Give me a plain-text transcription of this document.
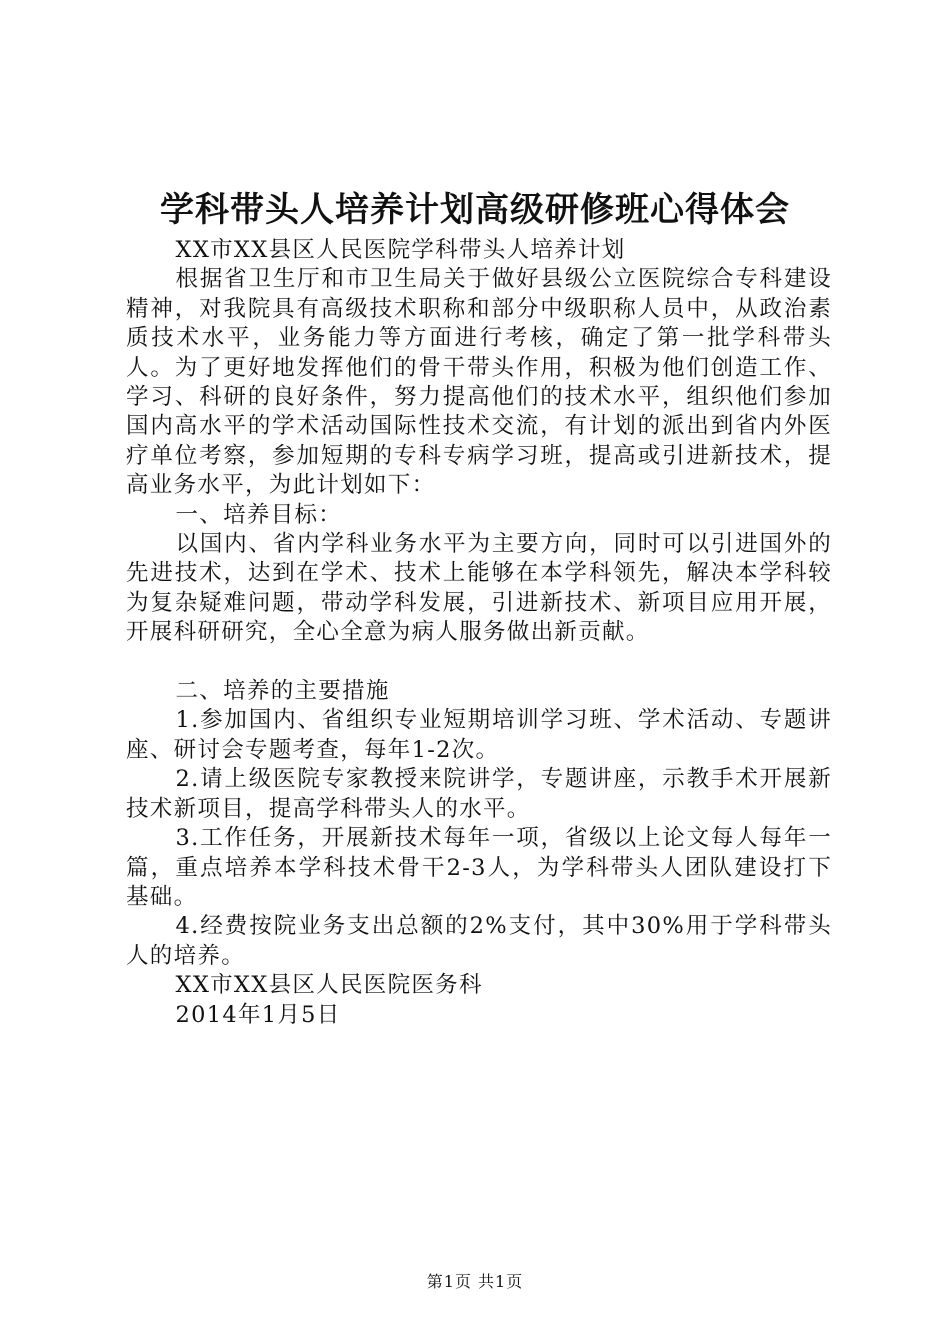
学科带头人培养计划高级研修班心得体会

XX市XX县区人民医院学科带头人培养计划

根据省卫生厅和市卫生局关于做好县级公立医院综合专科建设精神，对我院具有高级技术职称和部分中级职称人员中，从政治素质技术水平，业务能力等方面进行考核，确定了第一批学科带头人。为了更好地发挥他们的骨干带头作用，积极为他们创造工作、学习、科研的良好条件，努力提高他们的技术水平，组织他们参加国内高水平的学术活动国际性技术交流，有计划的派出到省内外医疗单位考察，参加短期的专科专病学习班，提高或引进新技术，提高业务水平，为此计划如下：

一、培养目标：

以国内、省内学科业务水平为主要方向，同时可以引进国外的先进技术，达到在学术、技术上能够在本学科领先，解决本学科较为复杂疑难问题，带动学科发展，引进新技术、新项目应用开展，开展科研研究，全心全意为病人服务做出新贡献。

二、培养的主要措施

1.参加国内、省组织专业短期培训学习班、学术活动、专题讲座、研讨会专题考查，每年1-2次。

2.请上级医院专家教授来院讲学，专题讲座，示教手术开展新技术新项目，提高学科带头人的水平。

3.工作任务，开展新技术每年一项，省级以上论文每人每年一篇，重点培养本学科技术骨干2-3人，为学科带头人团队建设打下基础。

4.经费按院业务支出总额的2%支付，其中30%用于学科带头人的培养。

XX市XX县区人民医院医务科

2014年1月5日

第1页 共1页
